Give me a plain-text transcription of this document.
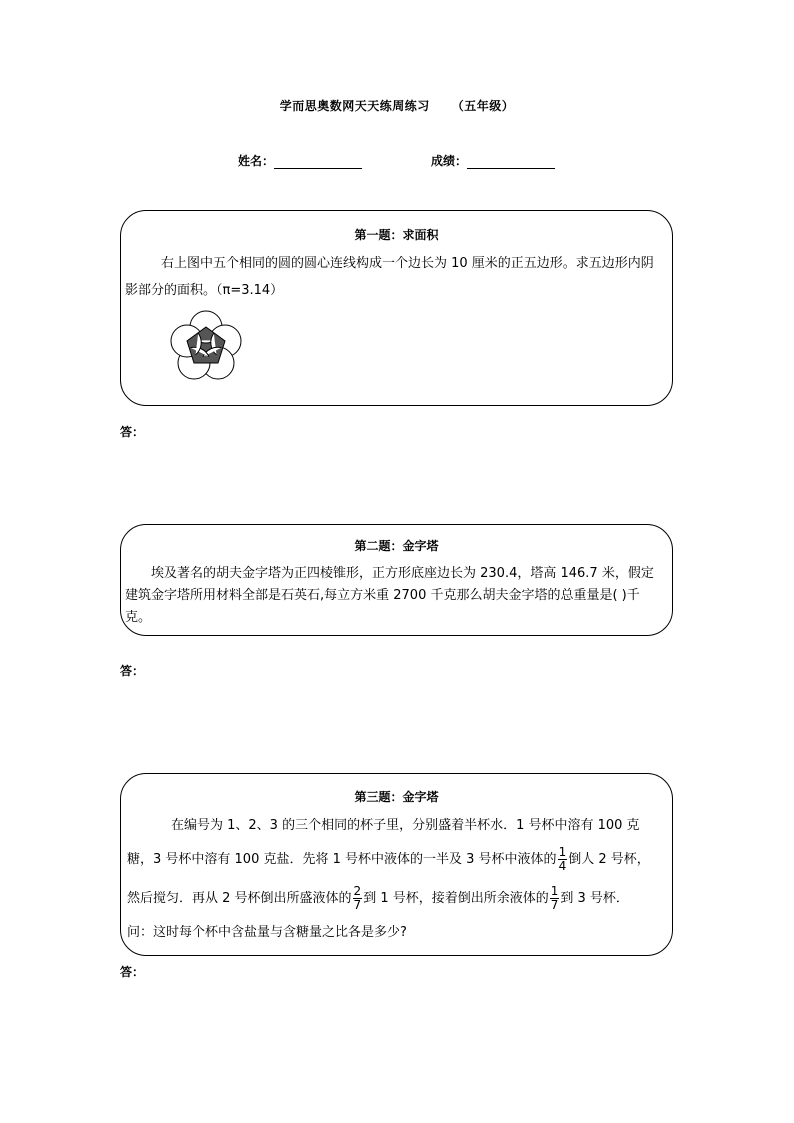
学而思奥数网天天练周练习 （五年级）
姓名：	成绩：
第一题：求面积
右上图中五个相同的圆的圆心连线构成一个边长为 10 厘米的正五边形。求五边形内阴影部分的面积。（π=3.14）
答：
第二题：金字塔
埃及著名的胡夫金字塔为正四棱锥形，正方形底座边长为 230.4，塔高 146.7 米，假定建筑金字塔所用材料全部是石英石,每立方米重 2700 千克那么胡夫金字塔的总重量是( )千克。
答：
第三题：金字塔
在编号为 1、2、3 的三个相同的杯子里，分别盛着半杯水．1 号杯中溶有 100 克
糖，3 号杯中溶有 100 克盐．先将 1 号杯中液体的一半及 3 号杯中液体的 $\frac{1}{4}$ 倒人 2 号杯，
然后搅匀．再从 2 号杯倒出所盛液体的 $\frac{2}{7}$ 到 1 号杯，接着倒出所余液体的 $\frac{1}{7}$ 到 3 号杯．
问：这时每个杯中含盐量与含糖量之比各是多少?
答：
